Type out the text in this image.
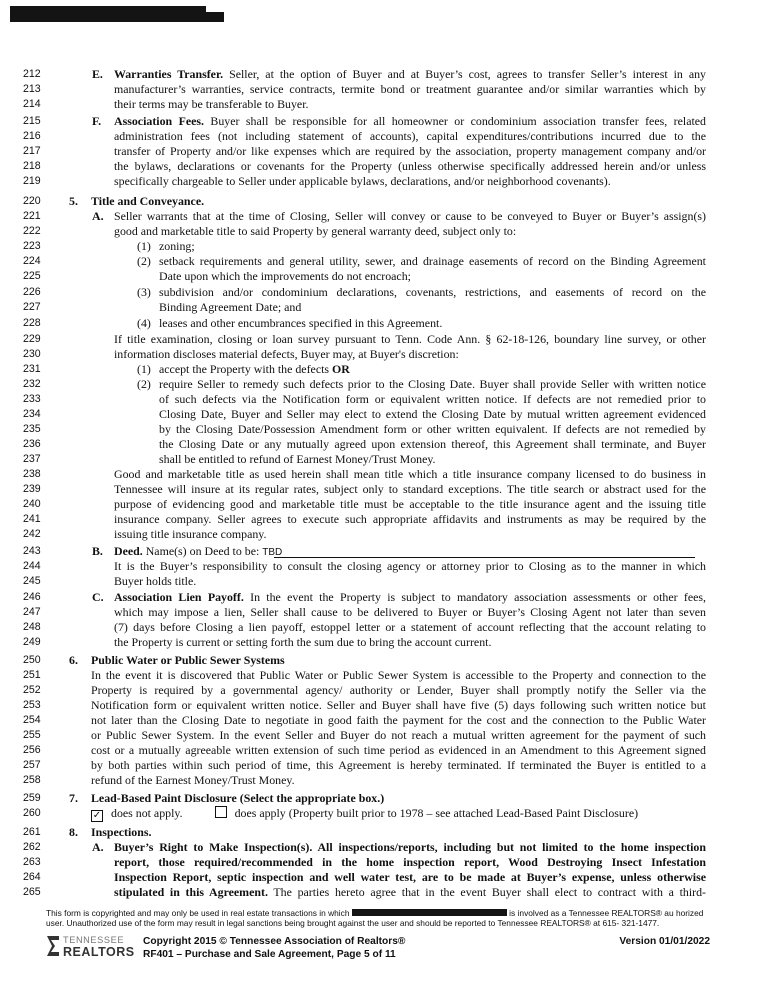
212	E. Warranties Transfer. Seller, at the option of Buyer and at Buyer’s cost, agrees to transfer Seller’s interest in any
213	manufacturer’s warranties, service contracts, termite bond or treatment guarantee and/or similar warranties which by
214	their terms may be transferable to Buyer.
215	F. Association Fees. Buyer shall be responsible for all homeowner or condominium association transfer fees, related
216	administration fees (not including statement of accounts), capital expenditures/contributions incurred due to the
217	transfer of Property and/or like expenses which are required by the association, property management company and/or
218	the bylaws, declarations or covenants for the Property (unless otherwise specifically addressed herein and/or unless
219	specifically chargeable to Seller under applicable bylaws, declarations, and/or neighborhood covenants).
220	5. Title and Conveyance.
221	A. Seller warrants that at the time of Closing, Seller will convey or cause to be conveyed to Buyer or Buyer’s assign(s)
222	good and marketable title to said Property by general warranty deed, subject only to:
223	(1) zoning;
224	(2) setback requirements and general utility, sewer, and drainage easements of record on the Binding Agreement
225	Date upon which the improvements do not encroach;
226	(3) subdivision and/or condominium declarations, covenants, restrictions, and easements of record on the
227	Binding Agreement Date; and
228	(4) leases and other encumbrances specified in this Agreement.
229	If title examination, closing or loan survey pursuant to Tenn. Code Ann. § 62-18-126, boundary line survey, or other
230	information discloses material defects, Buyer may, at Buyer's discretion:
231	(1) accept the Property with the defects OR
232	(2) require Seller to remedy such defects prior to the Closing Date. Buyer shall provide Seller with written notice
233	of such defects via the Notification form or equivalent written notice. If defects are not remedied prior to
234	Closing Date, Buyer and Seller may elect to extend the Closing Date by mutual written agreement evidenced
235	by the Closing Date/Possession Amendment form or other written equivalent. If defects are not remedied by
236	the Closing Date or any mutually agreed upon extension thereof, this Agreement shall terminate, and Buyer
237	shall be entitled to refund of Earnest Money/Trust Money.
238	Good and marketable title as used herein shall mean title which a title insurance company licensed to do business in
239	Tennessee will insure at its regular rates, subject only to standard exceptions. The title search or abstract used for the
240	purpose of evidencing good and marketable title must be acceptable to the title insurance agent and the issuing title
241	insurance company. Seller agrees to execute such appropriate affidavits and instruments as may be required by the
242	issuing title insurance company.
243	B. Deed. Name(s) on Deed to be: TBD
244	It is the Buyer’s responsibility to consult the closing agency or attorney prior to Closing as to the manner in which
245	Buyer holds title.
246	C. Association Lien Payoff. In the event the Property is subject to mandatory association assessments or other fees,
247	which may impose a lien, Seller shall cause to be delivered to Buyer or Buyer’s Closing Agent not later than seven
248	(7) days before Closing a lien payoff, estoppel letter or a statement of account reflecting that the account relating to
249	the Property is current or setting forth the sum due to bring the account current.
250	6. Public Water or Public Sewer Systems
251	In the event it is discovered that Public Water or Public Sewer System is accessible to the Property and connection to the
252	Property is required by a governmental agency/ authority or Lender, Buyer shall promptly notify the Seller via the
253	Notification form or equivalent written notice. Seller and Buyer shall have five (5) days following such written notice but
254	not later than the Closing Date to negotiate in good faith the payment for the cost and the connection to the Public Water
255	or Public Sewer System. In the event Seller and Buyer do not reach a mutual written agreement for the payment of such
256	cost or a mutually agreeable written extension of such time period as evidenced in an Amendment to this Agreement signed
257	by both parties within such period of time, this Agreement is hereby terminated. If terminated the Buyer is entitled to a
258	refund of the Earnest Money/Trust Money.
259	7. Lead-Based Paint Disclosure (Select the appropriate box.)
260	✓ does not apply.	does apply (Property built prior to 1978 – see attached Lead-Based Paint Disclosure)
261	8. Inspections.
262	A. Buyer’s Right to Make Inspection(s). All inspections/reports, including but not limited to the home inspection
263	report, those required/recommended in the home inspection report, Wood Destroying Insect Infestation
264	Inspection Report, septic inspection and well water test, are to be made at Buyer’s expense, unless otherwise
265	stipulated in this Agreement. The parties hereto agree that in the event Buyer shall elect to contract with a third-
This form is copyrighted and may only be used in real estate transactions in which	is involved as a Tennessee REALTORS® au horized
user. Unauthorized use of the form may result in legal sanctions being brought against the user and should be reported to Tennessee REALTORS® at 615- 321-1477.
TENNESSEE
REALTORS
Copyright 2015 © Tennessee Association of Realtors®
RF401 – Purchase and Sale Agreement, Page 5 of 11
Version 01/01/2022
